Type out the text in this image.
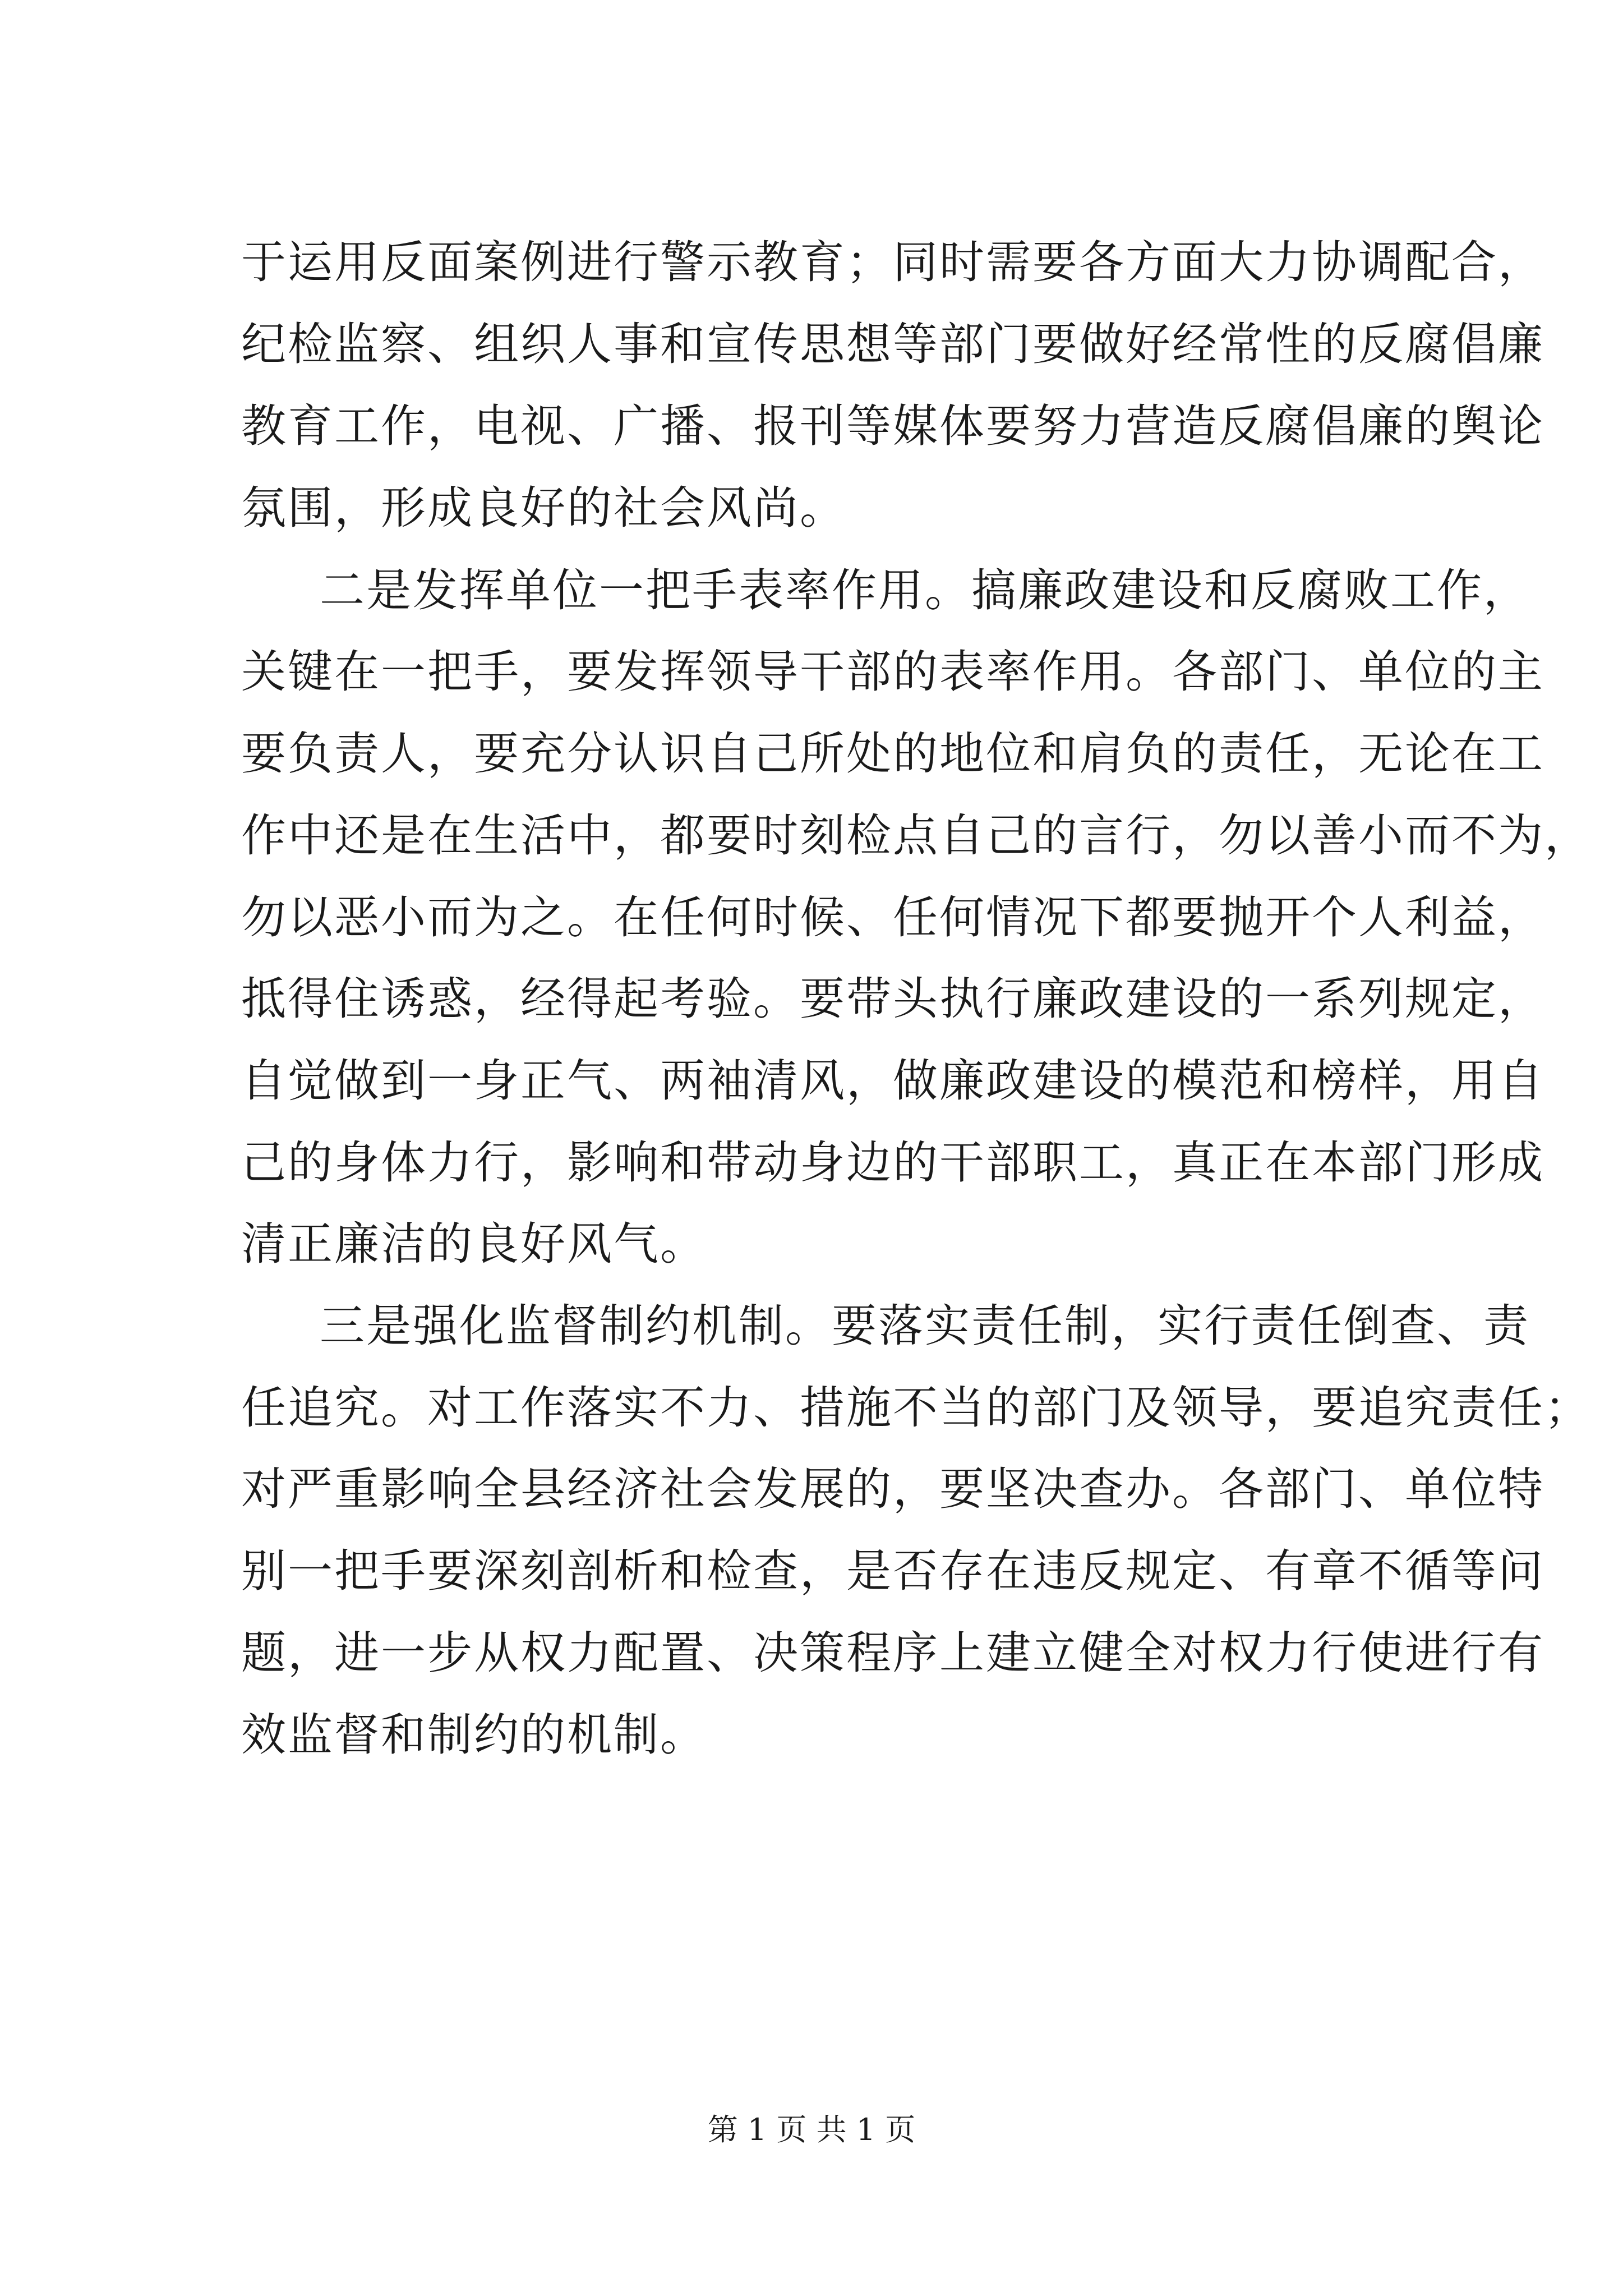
于运用反面案例进行警示教育；同时需要各方面大力协调配合，
纪检监察、组织人事和宣传思想等部门要做好经常性的反腐倡廉
教育工作，电视、广播、报刊等媒体要努力营造反腐倡廉的舆论
氛围，形成良好的社会风尚。
二是发挥单位一把手表率作用。搞廉政建设和反腐败工作，
关键在一把手，要发挥领导干部的表率作用。各部门、单位的主
要负责人，要充分认识自己所处的地位和肩负的责任，无论在工
作中还是在生活中，都要时刻检点自己的言行，勿以善小而不为，
勿以恶小而为之。在任何时候、任何情况下都要抛开个人利益，
抵得住诱惑，经得起考验。要带头执行廉政建设的一系列规定，
自觉做到一身正气、两袖清风，做廉政建设的模范和榜样，用自
己的身体力行，影响和带动身边的干部职工，真正在本部门形成
清正廉洁的良好风气。
三是强化监督制约机制。要落实责任制，实行责任倒查、责
任追究。对工作落实不力、措施不当的部门及领导，要追究责任；
对严重影响全县经济社会发展的，要坚决查办。各部门、单位特
别一把手要深刻剖析和检查，是否存在违反规定、有章不循等问
题，进一步从权力配置、决策程序上建立健全对权力行使进行有
效监督和制约的机制。
第 1 页 共 1 页
